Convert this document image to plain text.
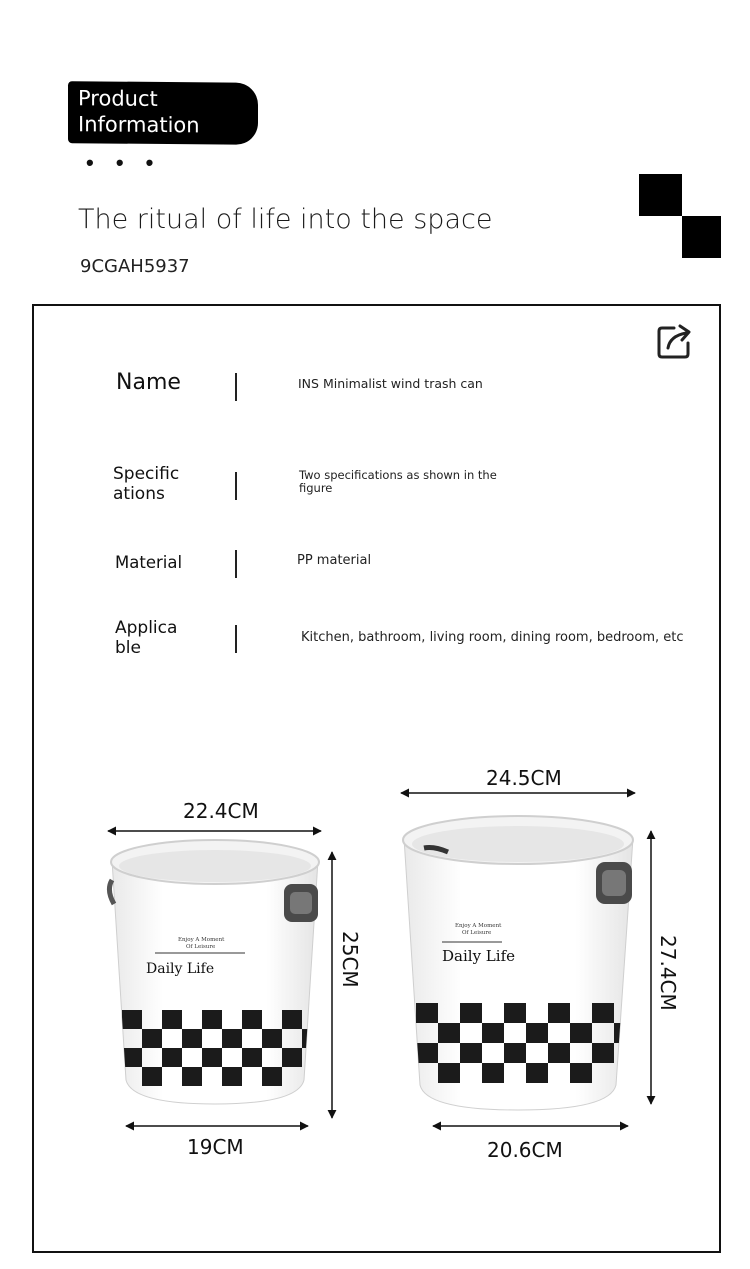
Product
Information
• • •
The ritual of life into the space
9CGAH5937
Name	INS Minimalist wind trash can
Specific
ations
Two specifications as shown in the figure
Material	PP material
Applica
ble
Kitchen, bathroom, living room, dining room, bedroom, etc
22.4CM
19CM
25CM
24.5CM
20.6CM
27.4CM
Enjoy A Moment
Of Leisure
Daily Life
Enjoy A Moment
Of Leisure
Daily Life
